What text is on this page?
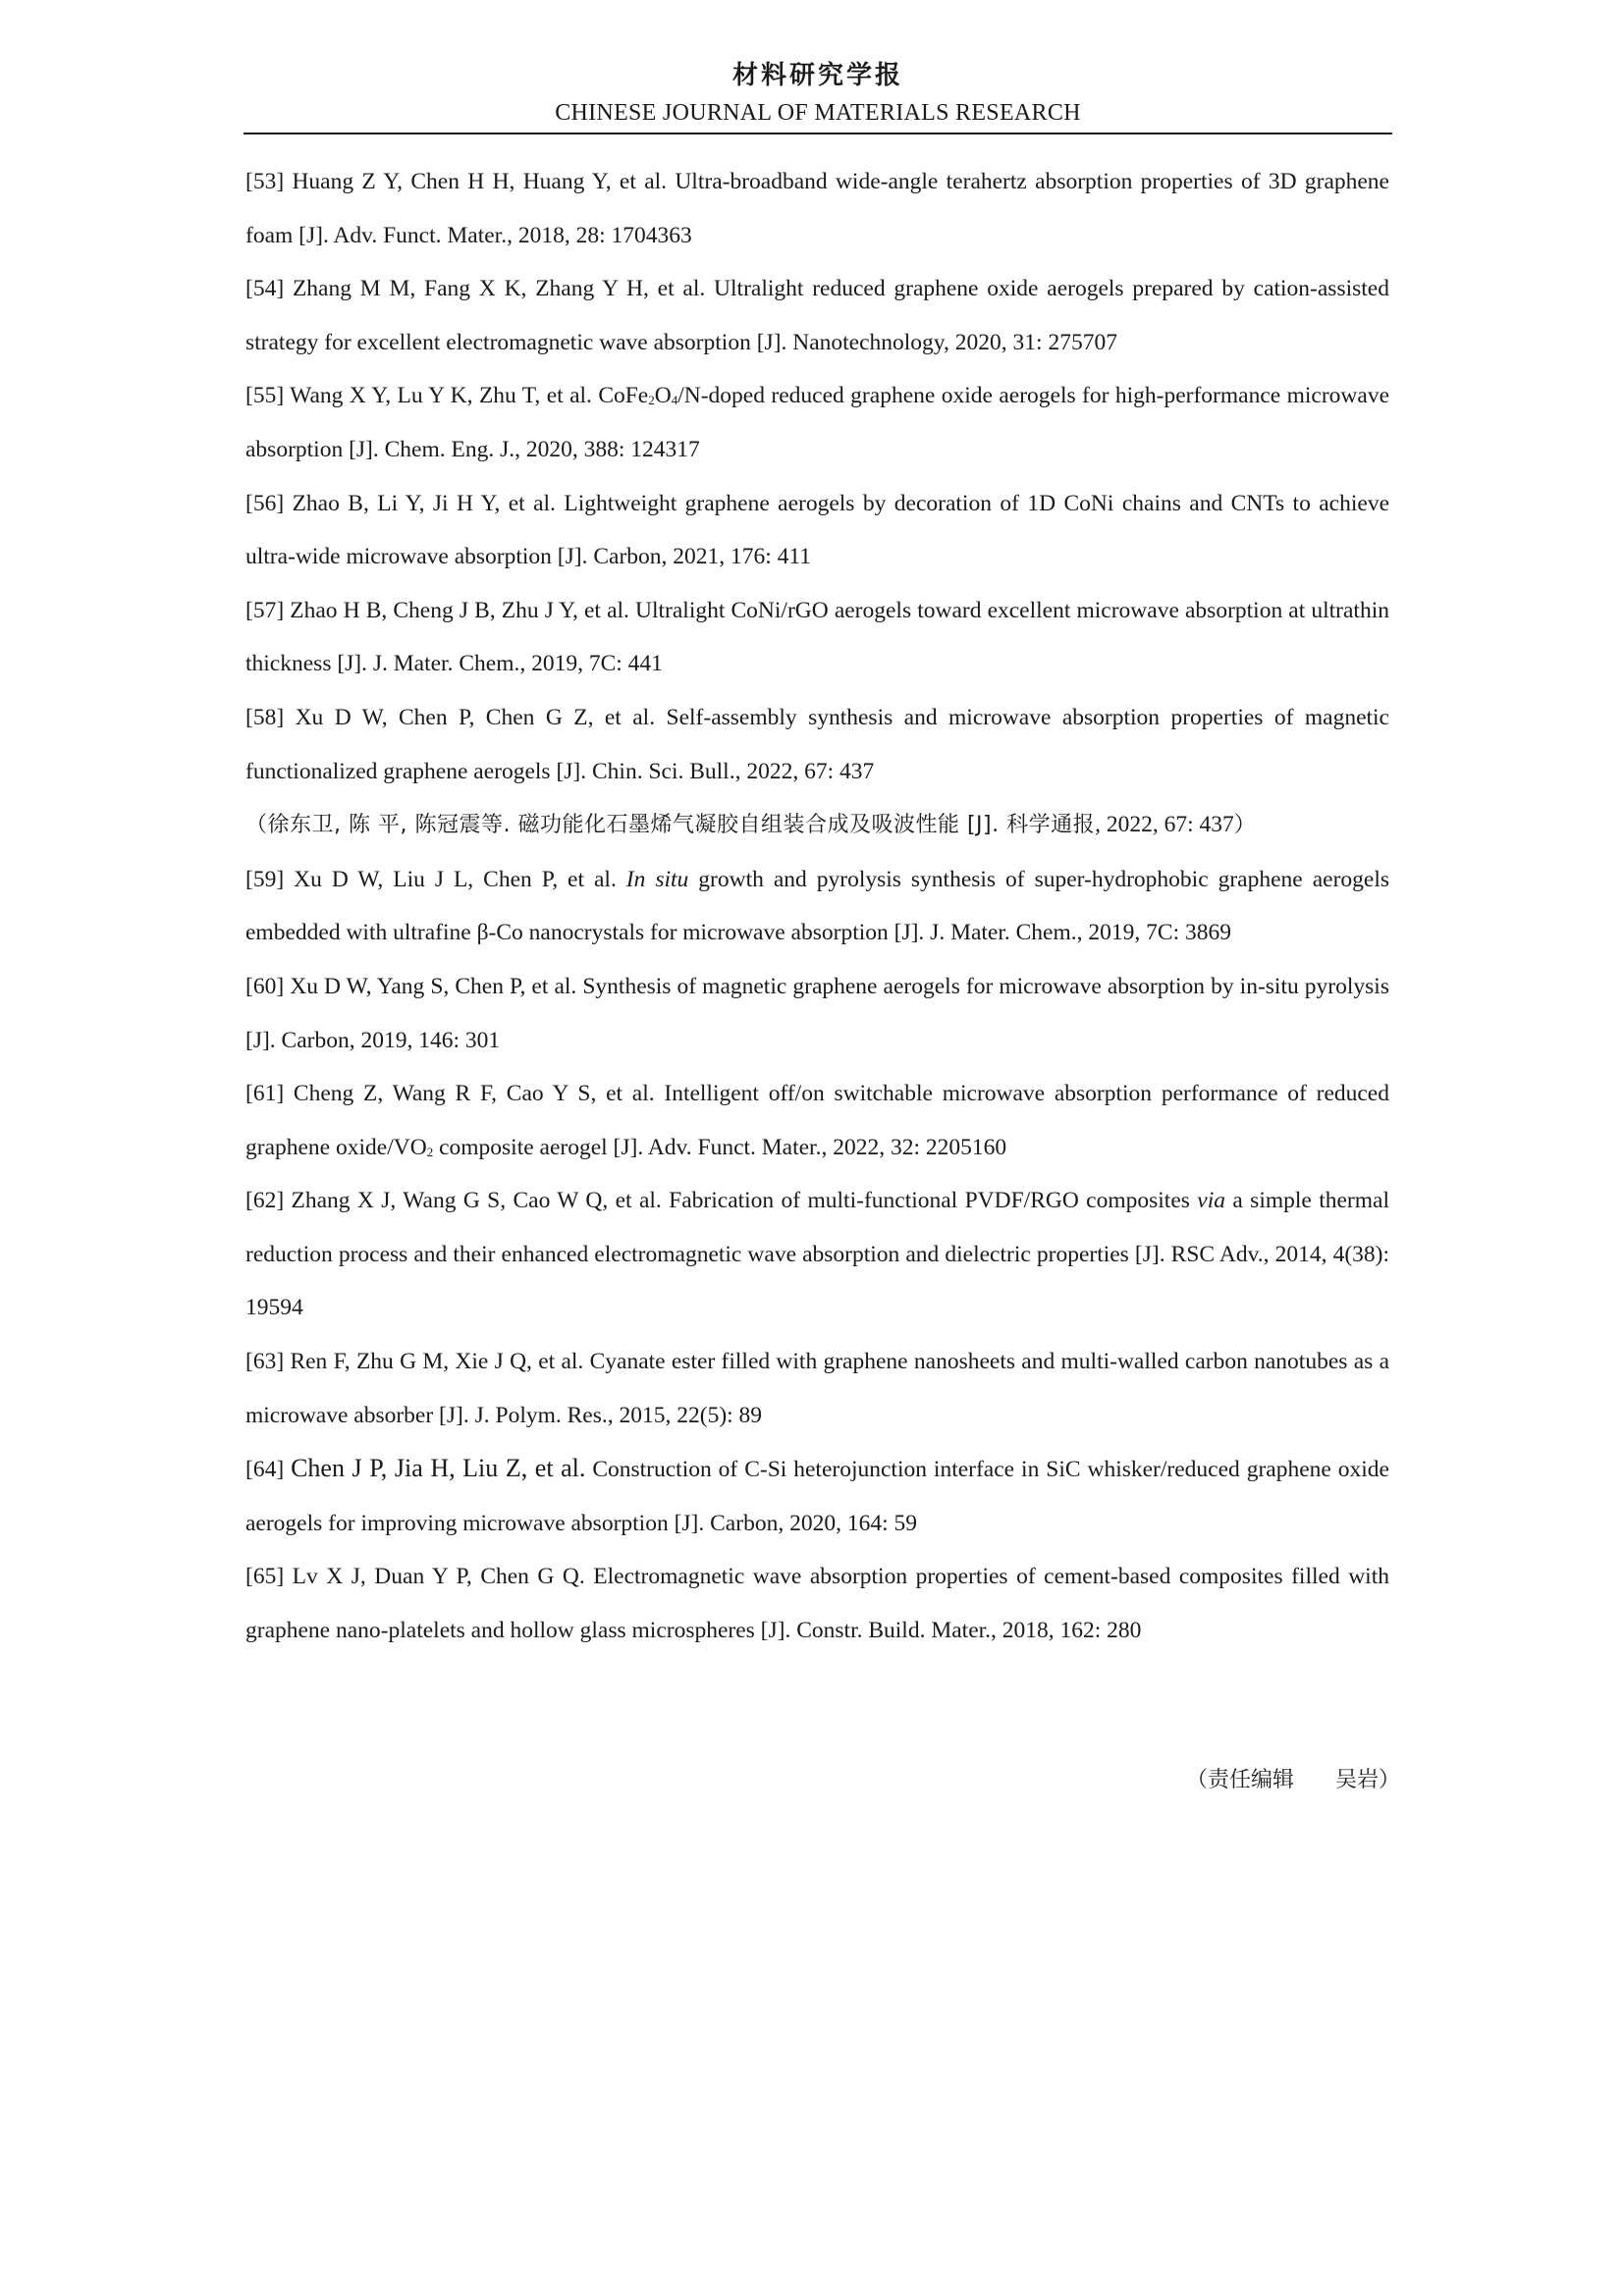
材料研究学报
CHINESE JOURNAL OF MATERIALS RESEARCH
[53] Huang Z Y, Chen H H, Huang Y, et al. Ultra-broadband wide-angle terahertz absorption properties of 3D graphene foam [J]. Adv. Funct. Mater., 2018, 28: 1704363
[54] Zhang M M, Fang X K, Zhang Y H, et al. Ultralight reduced graphene oxide aerogels prepared by cation-assisted strategy for excellent electromagnetic wave absorption [J]. Nanotechnology, 2020, 31: 275707
[55] Wang X Y, Lu Y K, Zhu T, et al. $CoFe_2O_4/N$-doped reduced graphene oxide aerogels for high-performance microwave absorption [J]. Chem. Eng. J., 2020, 388: 124317
[56] Zhao B, Li Y, Ji H Y, et al. Lightweight graphene aerogels by decoration of 1D CoNi chains and CNTs to achieve ultra-wide microwave absorption [J]. Carbon, 2021, 176: 411
[57] Zhao H B, Cheng J B, Zhu J Y, et al. Ultralight CoNi/rGO aerogels toward excellent microwave absorption at ultrathin thickness [J]. J. Mater. Chem., 2019, 7C: 441
[58] Xu D W, Chen P, Chen G Z, et al. Self-assembly synthesis and microwave absorption properties of magnetic functionalized graphene aerogels [J]. Chin. Sci. Bull., 2022, 67: 437
（徐东卫, 陈 平, 陈冠震等. 磁功能化石墨烯气凝胶自组装合成及吸波性能 [J]. 科学通报, 2022, 67: 437）
[59] Xu D W, Liu J L, Chen P, et al. In situ growth and pyrolysis synthesis of super-hydrophobic graphene aerogels embedded with ultrafine β-Co nanocrystals for microwave absorption [J]. J. Mater. Chem., 2019, 7C: 3869
[60] Xu D W, Yang S, Chen P, et al. Synthesis of magnetic graphene aerogels for microwave absorption by in-situ pyrolysis [J]. Carbon, 2019, 146: 301
[61] Cheng Z, Wang R F, Cao Y S, et al. Intelligent off/on switchable microwave absorption performance of reduced graphene oxide/$VO_2$ composite aerogel [J]. Adv. Funct. Mater., 2022, 32: 2205160
[62] Zhang X J, Wang G S, Cao W Q, et al. Fabrication of multi-functional PVDF/RGO composites via a simple thermal reduction process and their enhanced electromagnetic wave absorption and dielectric properties [J]. RSC Adv., 2014, 4(38): 19594
[63] Ren F, Zhu G M, Xie J Q, et al. Cyanate ester filled with graphene nanosheets and multi-walled carbon nanotubes as a microwave absorber [J]. J. Polym. Res., 2015, 22(5): 89
[64] Chen J P, Jia H, Liu Z, et al. Construction of C-Si heterojunction interface in SiC whisker/reduced graphene oxide aerogels for improving microwave absorption [J]. Carbon, 2020, 164: 59
[65] Lv X J, Duan Y P, Chen G Q. Electromagnetic wave absorption properties of cement-based composites filled with graphene nano-platelets and hollow glass microspheres [J]. Constr. Build. Mater., 2018, 162: 280
（责任编辑      吴岩）
